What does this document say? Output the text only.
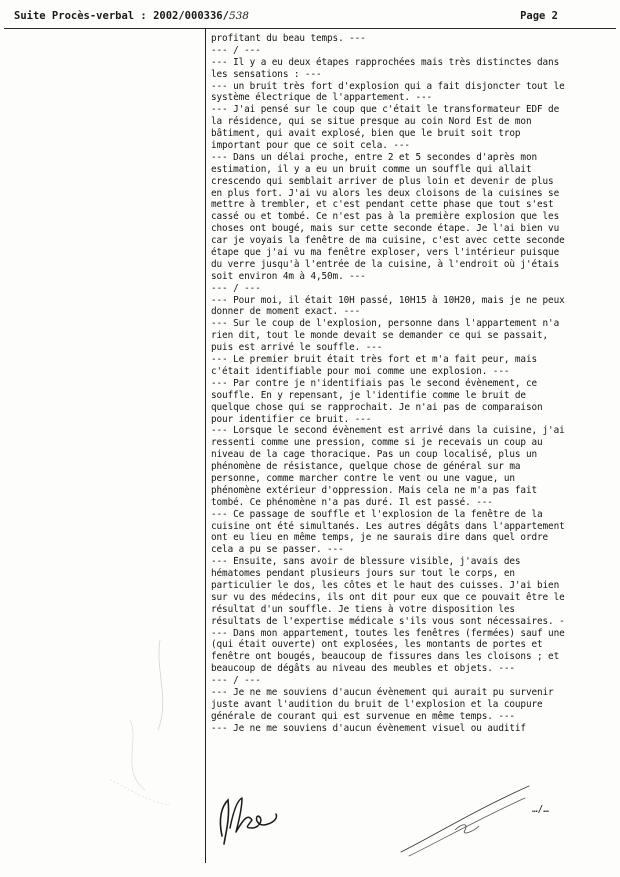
Suite Procès-verbal : 2002/000336/538	Page 2
profitant du beau temps. ---
--- / ---
--- Il y a eu deux étapes rapprochées mais très distinctes dans
les sensations : ---
--- un bruit très fort d'explosion qui a fait disjoncter tout le
système électrique de l'appartement. ---
--- J'ai pensé sur le coup que c'était le transformateur EDF de
la résidence, qui se situe presque au coin Nord Est de mon
bâtiment, qui avait explosé, bien que le bruit soit trop
important pour que ce soit cela. ---
--- Dans un délai proche, entre 2 et 5 secondes d'après mon
estimation, il y a eu un bruit comme un souffle qui allait
crescendo qui semblait arriver de plus loin et devenir de plus
en plus fort. J'ai vu alors les deux cloisons de la cuisines se
mettre à trembler, et c'est pendant cette phase que tout s'est
cassé ou et tombé. Ce n'est pas à la première explosion que les
choses ont bougé, mais sur cette seconde étape. Je l'ai bien vu
car je voyais la fenêtre de ma cuisine, c'est avec cette seconde
étape que j'ai vu ma fenêtre exploser, vers l'intérieur puisque
du verre jusqu'à l'entrée de la cuisine, à l'endroit où j'étais
soit environ 4m à 4,50m. ---
--- / ---
--- Pour moi, il était 10H passé, 10H15 à 10H20, mais je ne peux
donner de moment exact. ---
--- Sur le coup de l'explosion, personne dans l'appartement n'a
rien dit, tout le monde devait se demander ce qui se passait,
puis est arrivé le souffle. ---
--- Le premier bruit était très fort et m'a fait peur, mais
c'était identifiable pour moi comme une explosion. ---
--- Par contre je n'identifiais pas le second évènement, ce
souffle. En y repensant, je l'identifie comme le bruit de
quelque chose qui se rapprochait. Je n'ai pas de comparaison
pour identifier ce bruit. ---
--- Lorsque le second évènement est arrivé dans la cuisine, j'ai
ressenti comme une pression, comme si je recevais un coup au
niveau de la cage thoracique. Pas un coup localisé, plus un
phénomène de résistance, quelque chose de général sur ma
personne, comme marcher contre le vent ou une vague, un
phénomène extérieur d'oppression. Mais cela ne m'a pas fait
tombé. Ce phénomène n'a pas duré. Il est passé. ---
--- Ce passage de souffle et l'explosion de la fenêtre de la
cuisine ont été simultanés. Les autres dégâts dans l'appartement
ont eu lieu en même temps, je ne saurais dire dans quel ordre
cela a pu se passer. ---
--- Ensuite, sans avoir de blessure visible, j'avais des
hématomes pendant plusieurs jours sur tout le corps, en
particulier le dos, les côtes et le haut des cuisses. J'ai bien
sur vu des médecins, ils ont dit pour eux que ce pouvait être le
résultat d'un souffle. Je tiens à votre disposition les
résultats de l'expertise médicale s'ils vous sont nécessaires. -
--- Dans mon appartement, toutes les fenêtres (fermées) sauf une
(qui était ouverte) ont explosées, les montants de portes et
fenêtre ont bougés, beaucoup de fissures dans les cloisons ; et
beaucoup de dégâts au niveau des meubles et objets. ---
--- / ---
--- Je ne me souviens d'aucun évènement qui aurait pu survenir
juste avant l'audition du bruit de l'explosion et la coupure
générale de courant qui est survenue en même temps. ---
--- Je ne me souviens d'aucun évènement visuel ou auditif
…/…
